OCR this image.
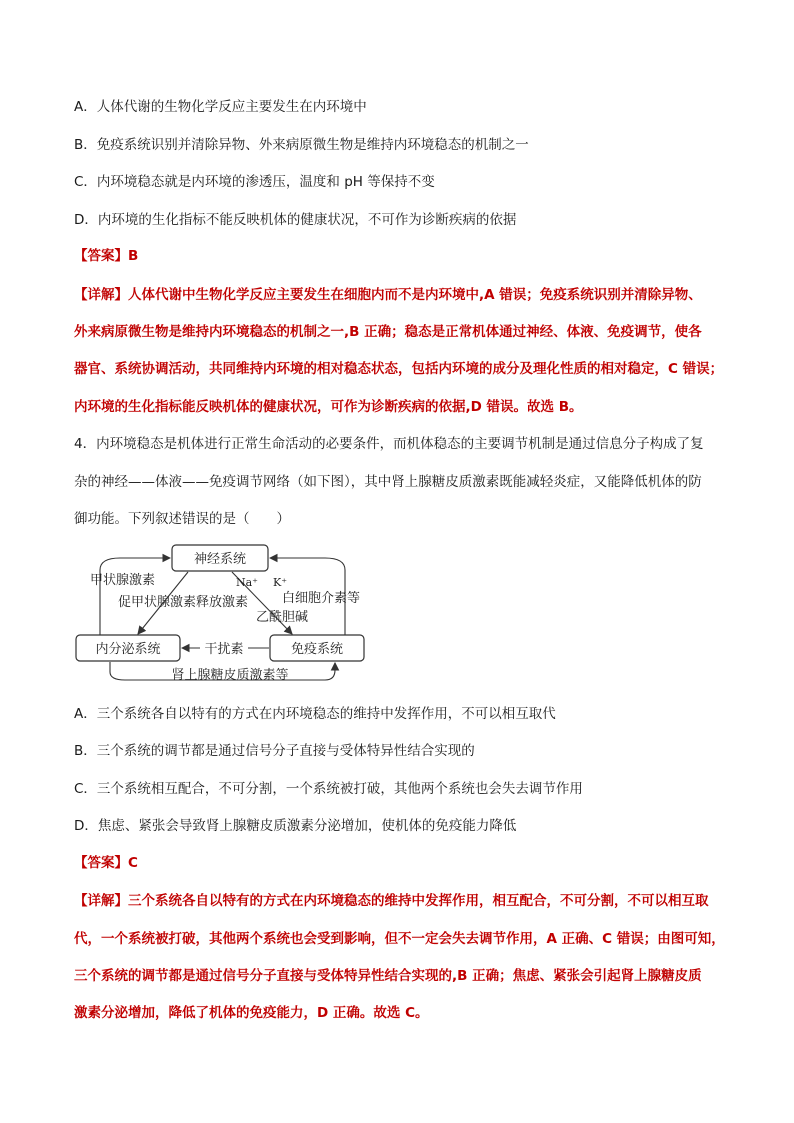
A．人体代谢的生物化学反应主要发生在内环境中
B．免疫系统识别并清除异物、外来病原微生物是维持内环境稳态的机制之一
C．内环境稳态就是内环境的渗透压，温度和 pH 等保持不变
D．内环境的生化指标不能反映机体的健康状况，不可作为诊断疾病的依据
【答案】B
【详解】人体代谢中生物化学反应主要发生在细胞内而不是内环境中,A 错误；免疫系统识别并清除异物、
外来病原微生物是维持内环境稳态的机制之一,B 正确；稳态是正常机体通过神经、体液、免疫调节，使各
器官、系统协调活动，共同维持内环境的相对稳态状态，包括内环境的成分及理化性质的相对稳定，C 错误；
内环境的生化指标能反映机体的健康状况，可作为诊断疾病的依据,D 错误。故选 B。
4．内环境稳态是机体进行正常生命活动的必要条件，而机体稳态的主要调节机制是通过信息分子构成了复
杂的神经——体液——免疫调节网络（如下图），其中肾上腺糖皮质激素既能减轻炎症，又能降低机体的防
御功能。下列叙述错误的是（　　）
神经系统
内分泌系统	免疫系统
甲状腺激素
促甲状腺激素释放激素
Na⁺ K⁺
白细胞介素等
乙酰胆碱
干扰素
肾上腺糖皮质激素等
A．三个系统各自以特有的方式在内环境稳态的维持中发挥作用，不可以相互取代
B．三个系统的调节都是通过信号分子直接与受体特异性结合实现的
C．三个系统相互配合，不可分割，一个系统被打破，其他两个系统也会失去调节作用
D．焦虑、紧张会导致肾上腺糖皮质激素分泌增加，使机体的免疫能力降低
【答案】C
【详解】三个系统各自以特有的方式在内环境稳态的维持中发挥作用，相互配合，不可分割，不可以相互取
代，一个系统被打破，其他两个系统也会受到影响，但不一定会失去调节作用，A 正确、C 错误；由图可知，
三个系统的调节都是通过信号分子直接与受体特异性结合实现的,B 正确；焦虑、紧张会引起肾上腺糖皮质
激素分泌增加，降低了机体的免疫能力，D 正确。故选 C。
